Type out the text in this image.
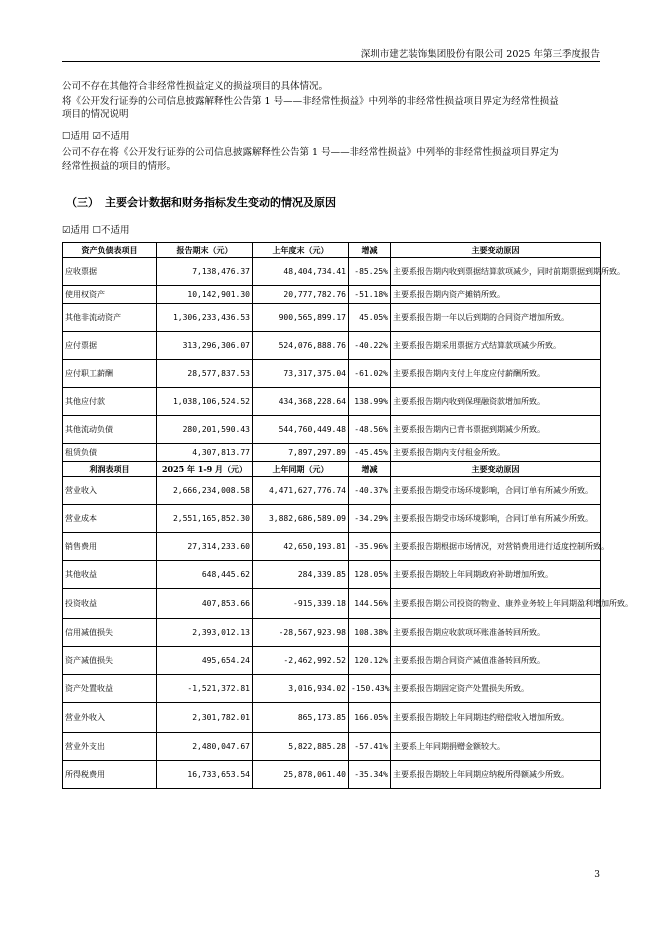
深圳市建艺装饰集团股份有限公司 2025 年第三季度报告
公司不存在其他符合非经常性损益定义的损益项目的具体情况。
将《公开发行证券的公司信息披露解释性公告第 1 号——非经常性损益》中列举的非经常性损益项目界定为经常性损益
项目的情况说明
☐适用 ☑不适用
公司不存在将《公开发行证券的公司信息披露解释性公告第 1 号——非经常性损益》中列举的非经常性损益项目界定为
经常性损益的项目的情形。
（三） 主要会计数据和财务指标发生变动的情况及原因
☑适用 ☐不适用
资产负债表项目	报告期末（元）	上年度末（元）	增减	主要变动原因
应收票据	7,138,476.37	48,404,734.41	-85.25%	主要系报告期内收到票据结算款项减少，同时前期票据到期所致。
使用权资产	10,142,901.30	20,777,782.76	-51.18%	主要系报告期内资产摊销所致。
其他非流动资产	1,306,233,436.53	900,565,899.17	45.05%	主要系报告期一年以后到期的合同资产增加所致。
应付票据	313,296,306.07	524,076,888.76	-40.22%	主要系报告期采用票据方式结算款项减少所致。
应付职工薪酬	28,577,837.53	73,317,375.04	-61.02%	主要系报告期内支付上年度应付薪酬所致。
其他应付款	1,038,106,524.52	434,368,228.64	138.99%	主要系报告期内收到保理融资款增加所致。
其他流动负债	280,201,590.43	544,760,449.48	-48.56%	主要系报告期内已背书票据到期减少所致。
租赁负债	4,307,813.77	7,897,297.89	-45.45%	主要系报告期内支付租金所致。
利润表项目	2025 年 1-9 月（元）	上年同期（元）	增减	主要变动原因
营业收入	2,666,234,008.58	4,471,627,776.74	-40.37%	主要系报告期受市场环境影响，合同订单有所减少所致。
营业成本	2,551,165,852.30	3,882,686,589.09	-34.29%	主要系报告期受市场环境影响，合同订单有所减少所致。
销售费用	27,314,233.60	42,650,193.81	-35.96%	主要系报告期根据市场情况，对营销费用进行适度控制所致。
其他收益	648,445.62	284,339.85	128.05%	主要系报告期较上年同期政府补助增加所致。
投资收益	407,853.66	-915,339.18	144.56%	主要系报告期公司投资的物业、康养业务较上年同期盈利增加所致。
信用减值损失	2,393,012.13	-28,567,923.98	108.38%	主要系报告期应收款项坏账准备转回所致。
资产减值损失	495,654.24	-2,462,992.52	120.12%	主要系报告期合同资产减值准备转回所致。
资产处置收益	-1,521,372.81	3,016,934.02	-150.43%	主要系报告期固定资产处置损失所致。
营业外收入	2,301,782.01	865,173.85	166.05%	主要系报告期较上年同期违约赔偿收入增加所致。
营业外支出	2,480,047.67	5,822,885.28	-57.41%	主要系上年同期捐赠金额较大。
所得税费用	16,733,653.54	25,878,061.40	-35.34%	主要系报告期较上年同期应纳税所得额减少所致。
3
